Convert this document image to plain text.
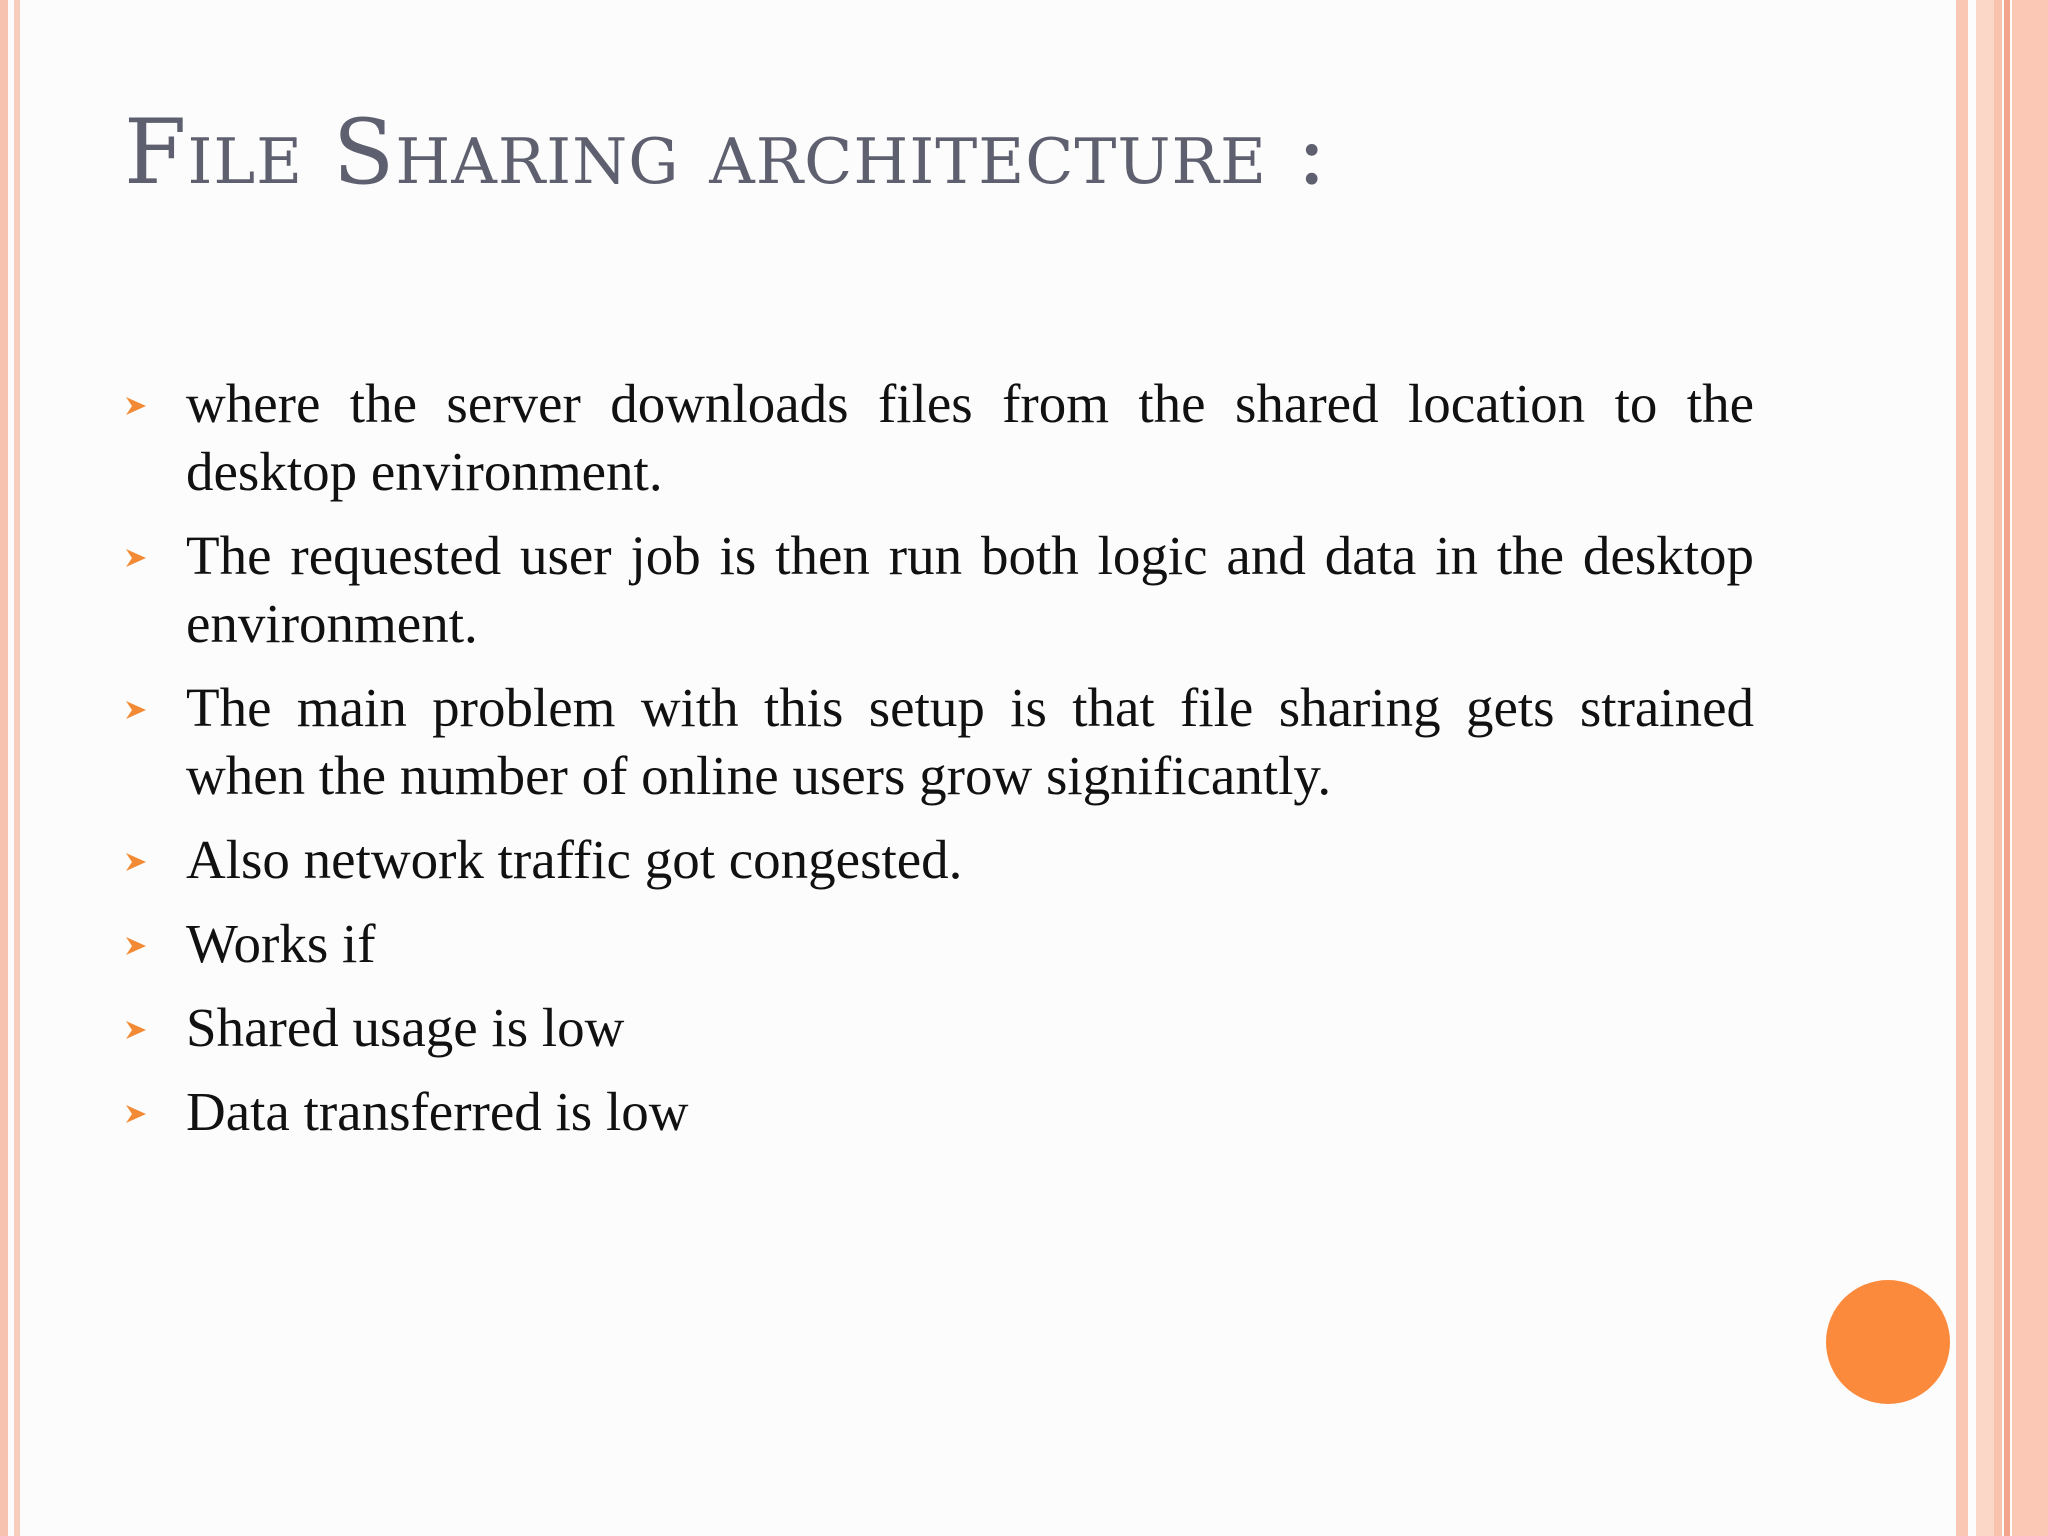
File Sharing architecture :
where the server downloads files from the shared location to the desktop environment.
The requested user job is then run both logic and data in the desktop environment.
The main problem with this setup is that file sharing gets strained when the number of online users grow significantly.
Also network traffic got congested.
Works if
Shared usage is low
Data transferred is low
